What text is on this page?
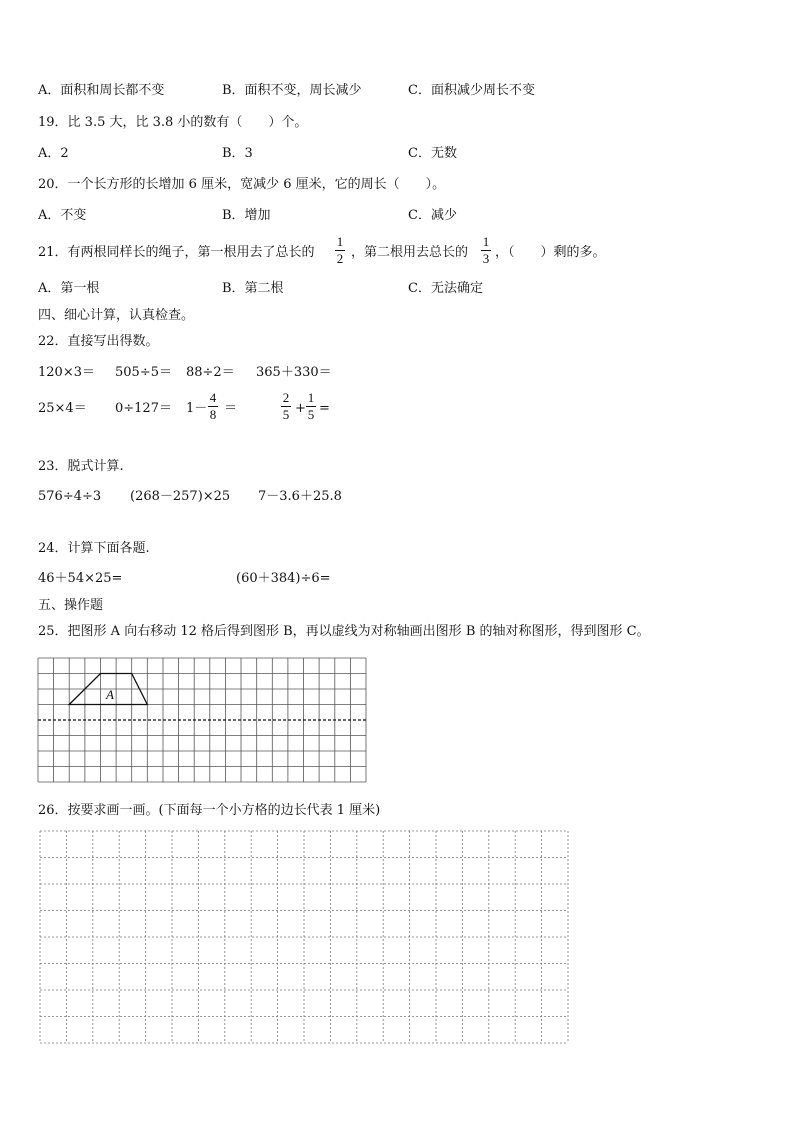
A．面积和周长都不变	B．面积不变，周长减少	C．面积减少周长不变
19．比 3.5 大，比 3.8 小的数有（　　）个。
A．2	B．3	C．无数
20．一个长方形的长增加 6 厘米，宽减少 6 厘米，它的周长（　　）。
A．不变	B．增加	C．减少
21．有两根同样长的绳子，第一根用去了总长的
1
2 ，第二根用去总长的
1
3 ，（　　）剩的多。
A．第一根	B．第二根	C．无法确定
四、细心计算，认真检查。
22．直接写出得数。
120×3＝ 505÷5＝ 88÷2＝ 365＋330＝
25×4＝ 0÷127＝ 1－
4
8 ＝
2
5 +
1
5 =
23．脱式计算.
576÷4÷3 (268－257)×25 7－3.6＋25.8
24．计算下面各题.
46＋54×25=	(60＋384)÷6=
五、操作题
25．把图形 A 向右移动 12 格后得到图形 B，再以虚线为对称轴画出图形 B 的轴对称图形，得到图形 C。
A
26．按要求画一画。(下面每一个小方格的边长代表 1 厘米)
